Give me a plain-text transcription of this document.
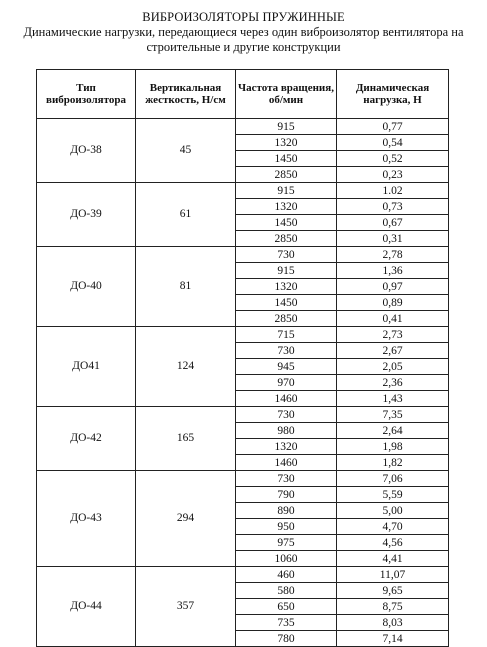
ВИБРОИЗОЛЯТОРЫ ПРУЖИННЫЕ
Динамические нагрузки, передающиеся через один виброизолятор вентилятора на
строительные и другие конструкции
Тип виброизолятора	Вертикальная жесткость, Н/см	Частота вращения, об/мин	Динамическая нагрузка, Н
ДО-38	45	915	0,77
		1320	0,54
		1450	0,52
		2850	0,23
ДО-39	61	915	1.02
		1320	0,73
		1450	0,67
		2850	0,31
ДО-40	81	730	2,78
		915	1,36
		1320	0,97
		1450	0,89
		2850	0,41
ДО41	124	715	2,73
		730	2,67
		945	2,05
		970	2,36
		1460	1,43
ДО-42	165	730	7,35
		980	2,64
		1320	1,98
		1460	1,82
ДО-43	294	730	7,06
		790	5,59
		890	5,00
		950	4,70
		975	4,56
		1060	4,41
ДО-44	357	460	11,07
		580	9,65
		650	8,75
		735	8,03
		780	7,14
